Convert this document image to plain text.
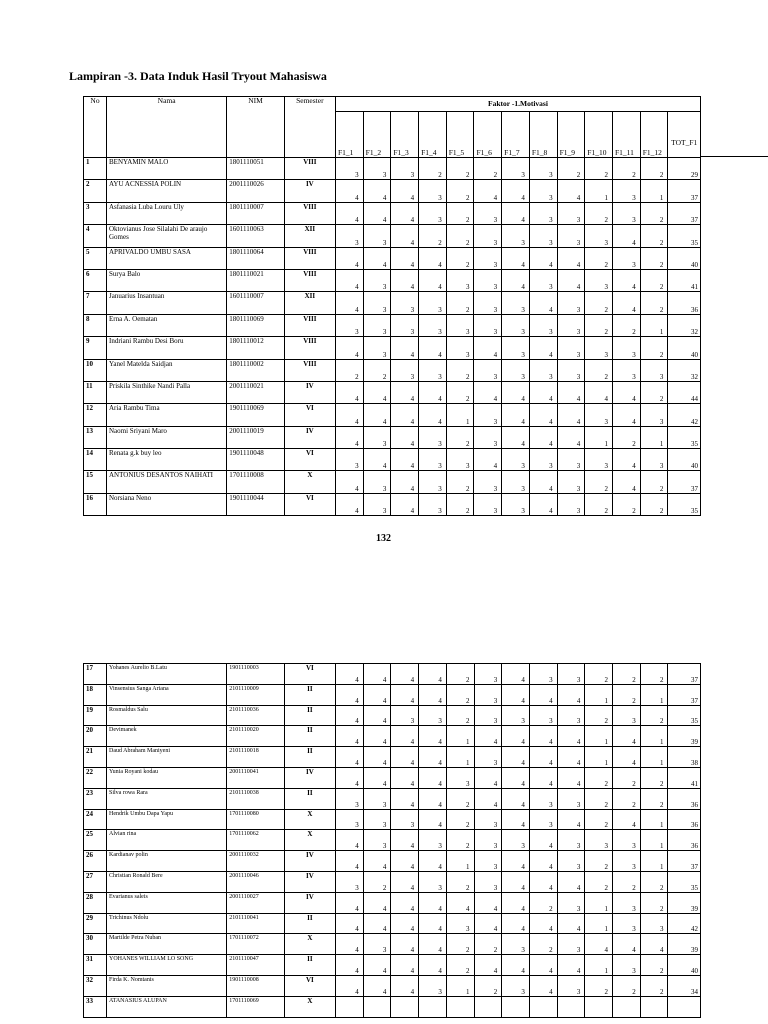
Lampiran -3. Data Induk Hasil Tryout Mahasiswa
No	Nama	NIM	Semester	Faktor -1.Motivasi												
				F1_1	F1_2	F1_3	F1_4	F1_5	F1_6	F1_7	F1_8	F1_9	F1_10	F1_11	F1_12	TOT_F1
1	BENYAMIN MALO	1801110051	VIII	3	3	3	2	2	2	3	3	2	2	2	2	29
2	AYU ACNESSIA POLIN	2001110026	IV	4	4	4	3	2	4	4	3	4	1	3	1	37
3	Asfanasia Luba Louru Uly	1801110007	VIII	4	4	4	3	2	3	4	3	3	2	3	2	37
4	Oktovianus Jose Silalahi De araujo Gomes	1601110063	XII	3	3	4	2	2	3	3	3	3	3	4	2	35
5	APRIVALDO UMBU SASA	1801110064	VIII	4	4	4	4	2	3	4	4	4	2	3	2	40
6	Surya Balo	1801110021	VIII	4	3	4	4	3	3	4	3	4	3	4	2	41
7	Januarius Insantuan	1601110007	XII	4	3	3	3	2	3	3	4	3	2	4	2	36
8	Erna A. Oematan	1801110069	VIII	3	3	3	3	3	3	3	3	3	2	2	1	32
9	Indriani Rambu Desi Boru	1801110012	VIII	4	3	4	4	3	4	3	4	3	3	3	2	40
10	Yanel Matelda Saidjan	1801110002	VIII	2	2	3	3	2	3	3	3	3	2	3	3	32
11	Priskila Sinthike Nandi Palla	2001110021	IV	4	4	4	4	2	4	4	4	4	4	4	2	44
12	Aria Rambu Tima	1901110069	VI	4	4	4	4	1	3	4	4	4	3	4	3	42
13	Naomi Sriyani Maro	2001110019	IV	4	3	4	3	2	3	4	4	4	1	2	1	35
14	Renata g.k buy leo	1901110048	VI	3	4	4	3	3	4	3	3	3	3	4	3	40
15	ANTONIUS DESANTOS NAIHATI	1701110008	X	4	3	4	3	2	3	3	4	3	2	4	2	37
16	Norsiana Neno	1901110044	VI	4	3	4	3	2	3	3	4	3	2	2	2	35
132
17	Yohanes Aurelio B.Latu	1901110003	VI	4	4	4	4	2	3	4	3	3	2	2	2	37
18	Vinsensius Sanga Ariana	2101110009	II	4	4	4	4	2	3	4	4	4	1	2	1	37
19	Rosmaldus Salu	2101110036	II	4	4	3	3	2	3	3	3	3	2	3	2	35
20	Devimanek	2101110020	II	4	4	4	4	1	4	4	4	4	1	4	1	39
21	Daud Abraham Maniyeni	2101110018	II	4	4	4	4	1	3	4	4	4	1	4	1	38
22	Yunia Royani kodau	2001110041	IV	4	4	4	4	3	4	4	4	4	2	2	2	41
23	Silva rowa Rara	2101110038	II	3	3	4	4	2	4	4	3	3	2	2	2	36
24	Hendrik Umbu Dapa Yapu	1701110080	X	3	3	3	4	2	3	4	3	4	2	4	1	36
25	Alvian rina	1701110062	X	4	3	4	3	2	3	3	4	3	3	3	1	36
26	Kardianav polin	2001110032	IV	4	4	4	4	1	3	4	4	3	2	3	1	37
27	Christian Ronald Bere	2001110046	IV	3	2	4	3	2	3	4	4	4	2	2	2	35
28	Evarianus saleis	2001110027	IV	4	4	4	4	4	4	4	2	3	1	3	2	39
29	Trichinus Ndolu	2101110041	II	4	4	4	4	3	4	4	4	4	1	3	3	42
30	Martilde Petra Nuban	1701110072	X	4	3	4	4	2	2	3	2	3	4	4	4	39
31	YOHANES WILLIAM LO SONG	2101110047	II	4	4	4	4	2	4	4	4	4	1	3	2	40
32	Firda K. Nomtanis	1901110008	VI	4	4	4	3	1	2	3	4	3	2	2	2	34
33	ATANASIUS ALUPAN	1701110069	X													
